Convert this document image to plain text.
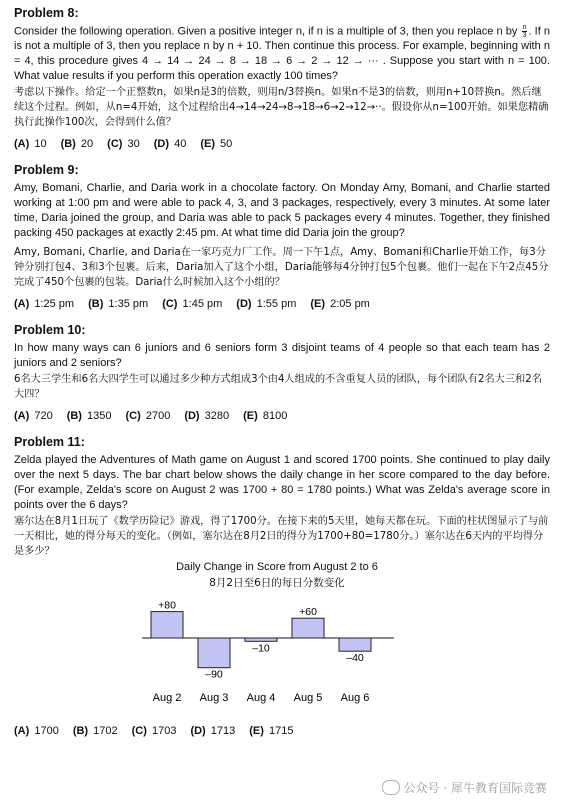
Problem 8:

Consider the following operation. Given a positive integer n, if n is a multiple of 3, then you replace n by $\frac{n}{3}$ . If n is not a multiple of 3, then you replace n by n + 10. Then continue this process. For example, beginning with n = 4, this procedure gives 4 → 14 → 24 → 8 → 18 → 6 → 2 → 12 → ··· . Suppose you start with n = 100. What value results if you perform this operation exactly 100 times?

考虑以下操作。给定一个正整数n，如果n是3的倍数，则用n/3替换n。如果n不是3的倍数，则用n+10替换n。然后继续这个过程。例如，从n=4开始，这个过程给出4→14→24→8→18→6→2→12→··。假设你从n=100开始。如果您精确执行此操作100次，会得到什么值？

(A) 10 (B) 20 (C) 30 (D) 40 (E) 50
Problem 9:

Amy, Bomani, Charlie, and Daria work in a chocolate factory. On Monday Amy, Bomani, and Charlie started working at 1:00 pm and were able to pack 4, 3, and 3 packages, respectively, every 3 minutes. At some later time, Daria joined the group, and Daria was able to pack 5 packages every 4 minutes. Together, they finished packing 450 packages at exactly 2:45 pm. At what time did Daria join the group?

Amy, Bomani, Charlie, and Daria在一家巧克力厂工作。周一下午1点，Amy、Bomani和Charlie开始工作，每3分钟分别打包4、3和3个包裹。后来，Daria加入了这个小组，Daria能够每4分钟打包5个包裹。他们一起在下午2点45分完成了450个包裹的包装。Daria什么时候加入这个小组的？

(A) 1:25 pm (B) 1:35 pm (C) 1:45 pm (D) 1:55 pm (E) 2:05 pm
Problem 10:

In how many ways can 6 juniors and 6 seniors form 3 disjoint teams of 4 people so that each team has 2 juniors and 2 seniors?

6名大三学生和6名大四学生可以通过多少种方式组成3个由4人组成的不含重复人员的团队，每个团队有2名大三和2名大四？

(A) 720 (B) 1350 (C) 2700 (D) 3280 (E) 8100
Problem 11:

Zelda played the Adventures of Math game on August 1 and scored 1700 points. She continued to play daily over the next 5 days. The bar chart below shows the daily change in her score compared to the day before. (For example, Zelda's score on August 2 was 1700 + 80 = 1780 points.) What was Zelda's average score in points over the 6 days?

塞尔达在8月1日玩了《数学历险记》游戏，得了1700分。在接下来的5天里，她每天都在玩。下面的柱状图显示了与前一天相比，她的得分每天的变化。（例如，塞尔达在8月2日的得分为1700+80=1780分。）塞尔达在6天内的平均得分是多少？

Daily Change in Score from August 2 to 6
8月2日至6日的每日分数变化
+80
Aug 2
–90
Aug 3
–10
Aug 4
+60
Aug 5
–40
Aug 6
(A) 1700 (B) 1702 (C) 1703 (D) 1713 (E) 1715
公众号 · 犀牛教育国际竞赛
